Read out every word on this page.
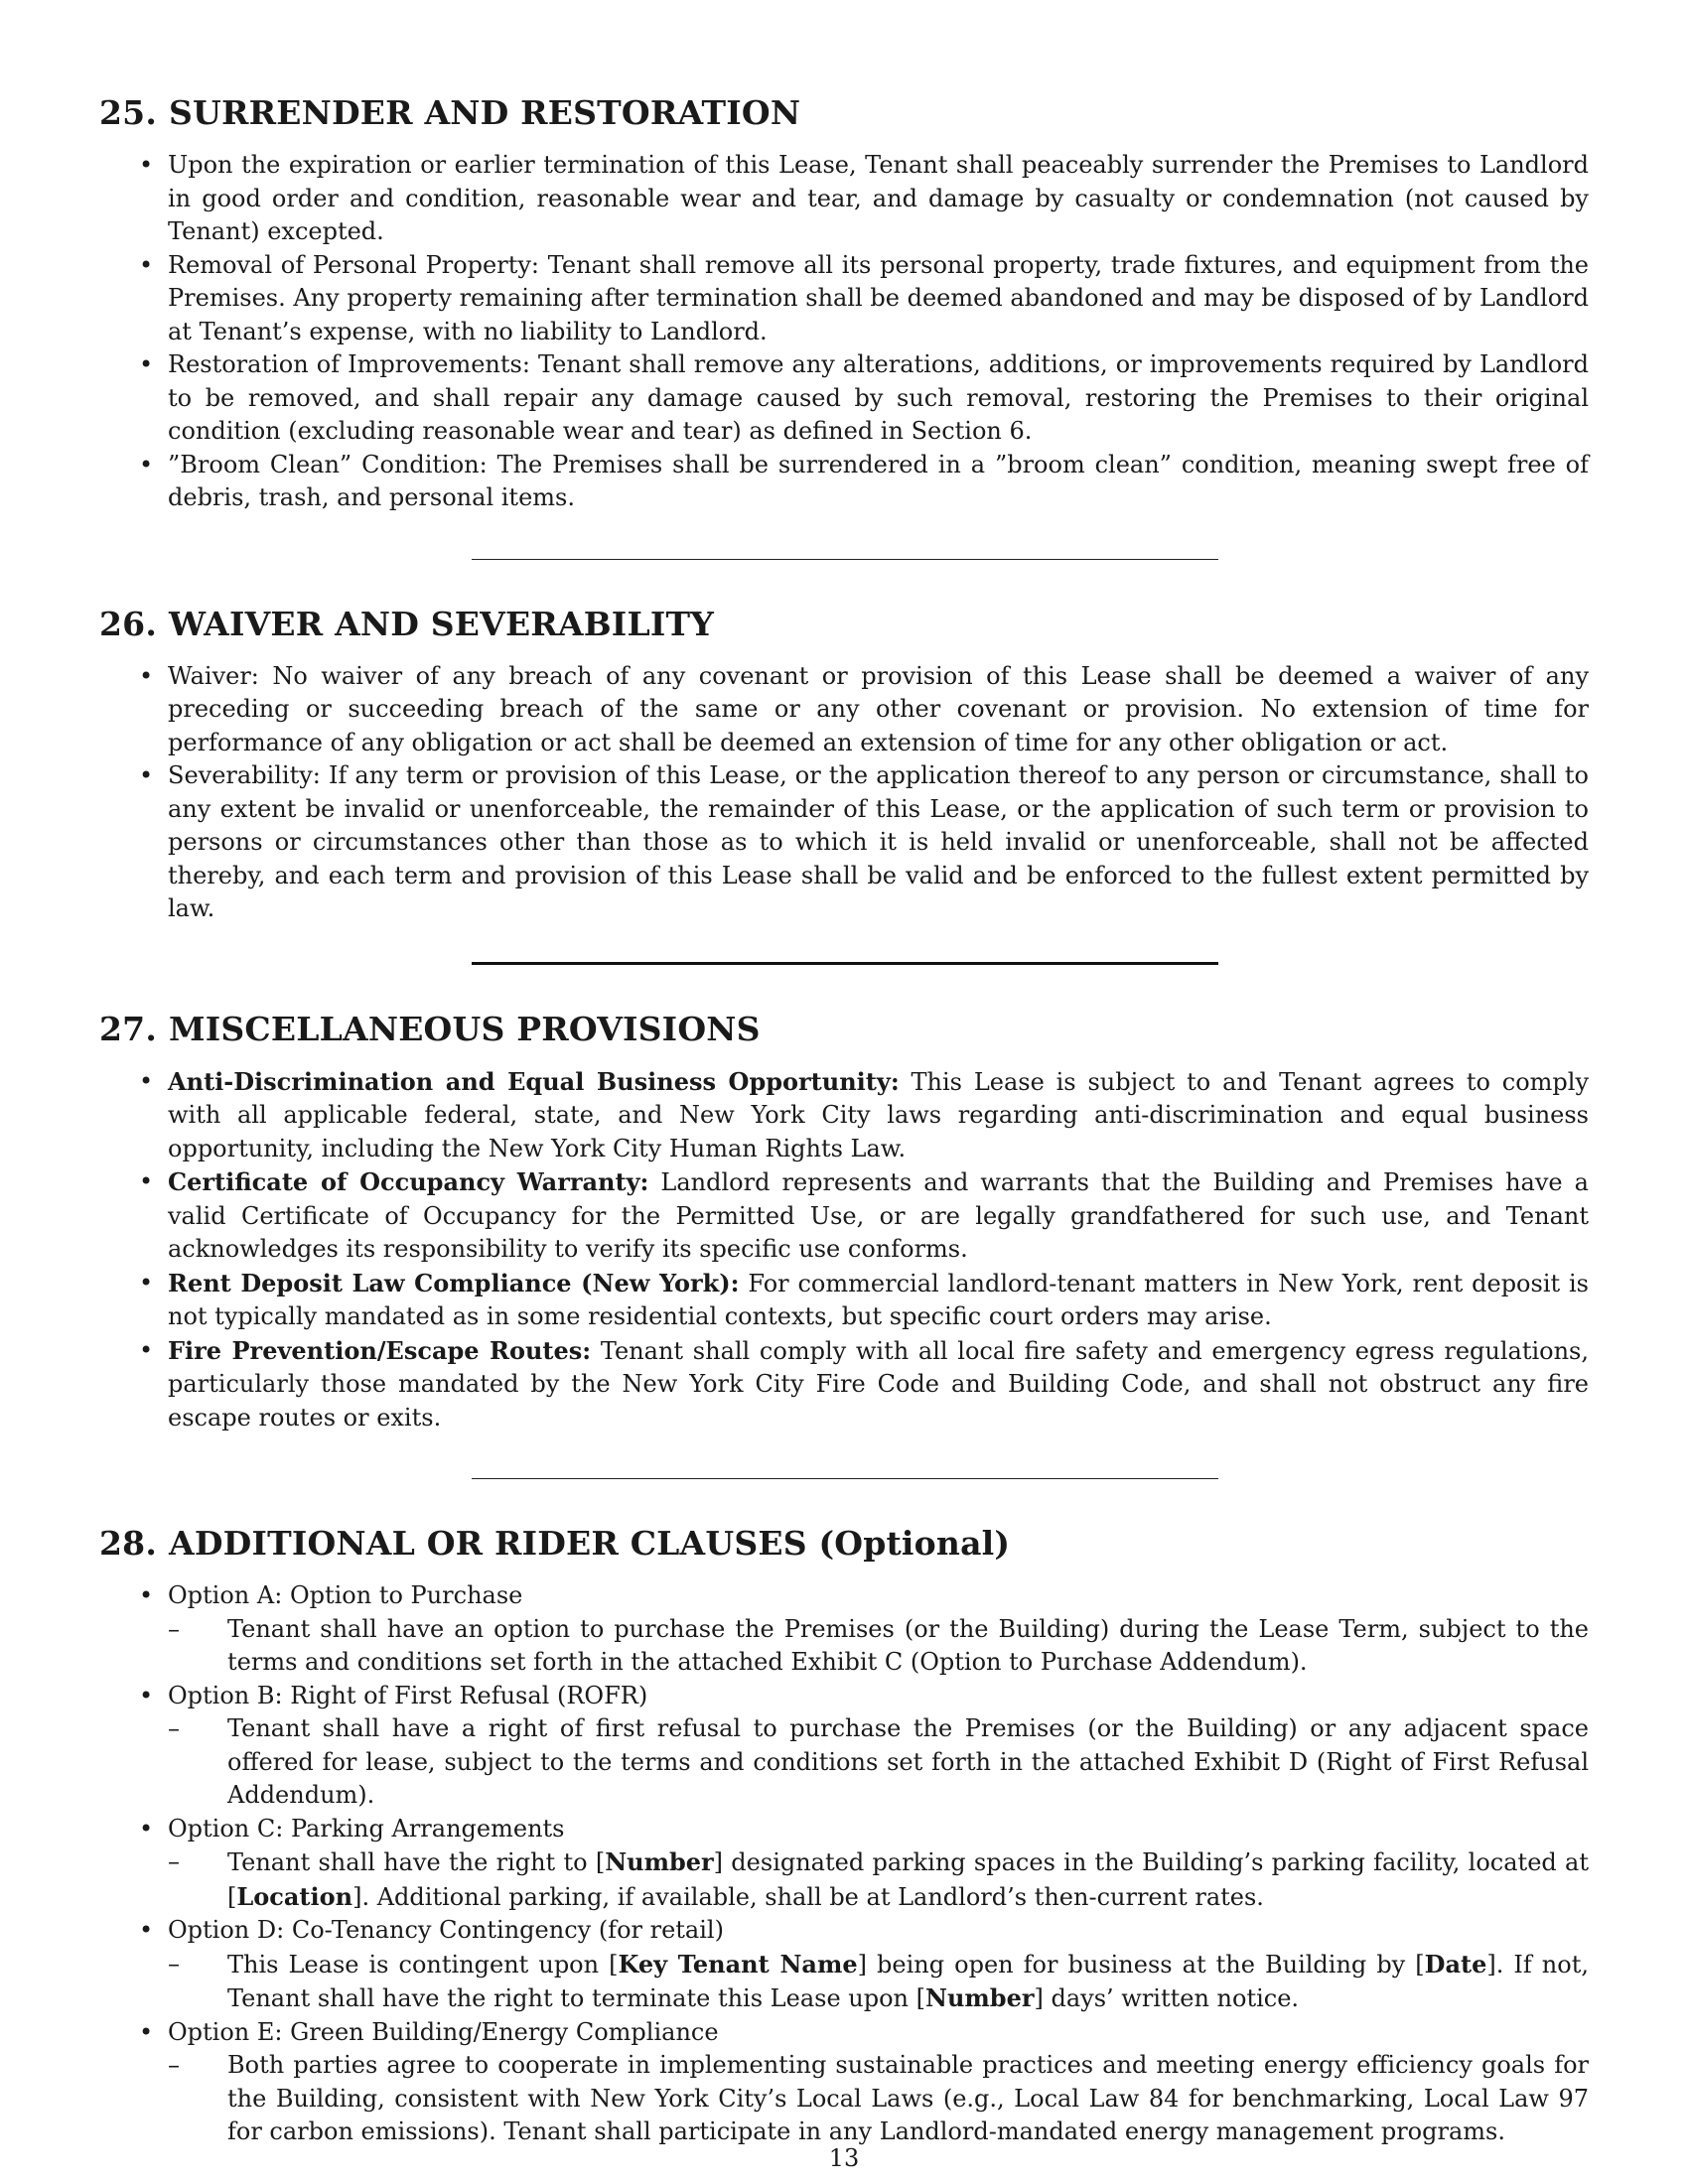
25. SURRENDER AND RESTORATION
• Upon the expiration or earlier termination of this Lease, Tenant shall peaceably surrender the Premises to Landlord in good order and condition, reasonable wear and tear, and damage by casualty or condemnation (not caused by Tenant) excepted.
• Removal of Personal Property: Tenant shall remove all its personal property, trade fixtures, and equipment from the Premises. Any property remaining after termination shall be deemed abandoned and may be disposed of by Landlord at Tenant’s expense, with no liability to Landlord.
• Restoration of Improvements: Tenant shall remove any alterations, additions, or improvements required by Landlord to be removed, and shall repair any damage caused by such removal, restoring the Premises to their original condition (excluding reasonable wear and tear) as defined in Section 6.
• ”Broom Clean” Condition: The Premises shall be surrendered in a ”broom clean” condition, meaning swept free of debris, trash, and personal items.
26. WAIVER AND SEVERABILITY
• Waiver: No waiver of any breach of any covenant or provision of this Lease shall be deemed a waiver of any preceding or succeeding breach of the same or any other covenant or provision. No extension of time for performance of any obligation or act shall be deemed an extension of time for any other obligation or act.
• Severability: If any term or provision of this Lease, or the application thereof to any person or circumstance, shall to any extent be invalid or unenforceable, the remainder of this Lease, or the application of such term or provision to persons or circumstances other than those as to which it is held invalid or unenforceable, shall not be affected thereby, and each term and provision of this Lease shall be valid and be enforced to the fullest extent permitted by law.
27. MISCELLANEOUS PROVISIONS
• Anti-Discrimination and Equal Business Opportunity: This Lease is subject to and Tenant agrees to comply with all applicable federal, state, and New York City laws regarding anti-discrimination and equal business opportunity, including the New York City Human Rights Law.
• Certificate of Occupancy Warranty: Landlord represents and warrants that the Building and Premises have a valid Certificate of Occupancy for the Permitted Use, or are legally grandfathered for such use, and Tenant acknowledges its responsibility to verify its specific use conforms.
• Rent Deposit Law Compliance (New York): For commercial landlord-tenant matters in New York, rent deposit is not typically mandated as in some residential contexts, but specific court orders may arise.
• Fire Prevention/Escape Routes: Tenant shall comply with all local fire safety and emergency egress regulations, particularly those mandated by the New York City Fire Code and Building Code, and shall not obstruct any fire escape routes or exits.
28. ADDITIONAL OR RIDER CLAUSES (Optional)
• Option A: Option to Purchase
– Tenant shall have an option to purchase the Premises (or the Building) during the Lease Term, subject to the terms and conditions set forth in the attached Exhibit C (Option to Purchase Addendum).
• Option B: Right of First Refusal (ROFR)
– Tenant shall have a right of first refusal to purchase the Premises (or the Building) or any adjacent space offered for lease, subject to the terms and conditions set forth in the attached Exhibit D (Right of First Refusal Addendum).
• Option C: Parking Arrangements
– Tenant shall have the right to [Number] designated parking spaces in the Building’s parking facility, located at [Location]. Additional parking, if available, shall be at Landlord’s then-current rates.
• Option D: Co-Tenancy Contingency (for retail)
– This Lease is contingent upon [Key Tenant Name] being open for business at the Building by [Date]. If not, Tenant shall have the right to terminate this Lease upon [Number] days’ written notice.
• Option E: Green Building/Energy Compliance
– Both parties agree to cooperate in implementing sustainable practices and meeting energy efficiency goals for the Building, consistent with New York City’s Local Laws (e.g., Local Law 84 for benchmarking, Local Law 97 for carbon emissions). Tenant shall participate in any Landlord-mandated energy management programs.
13
